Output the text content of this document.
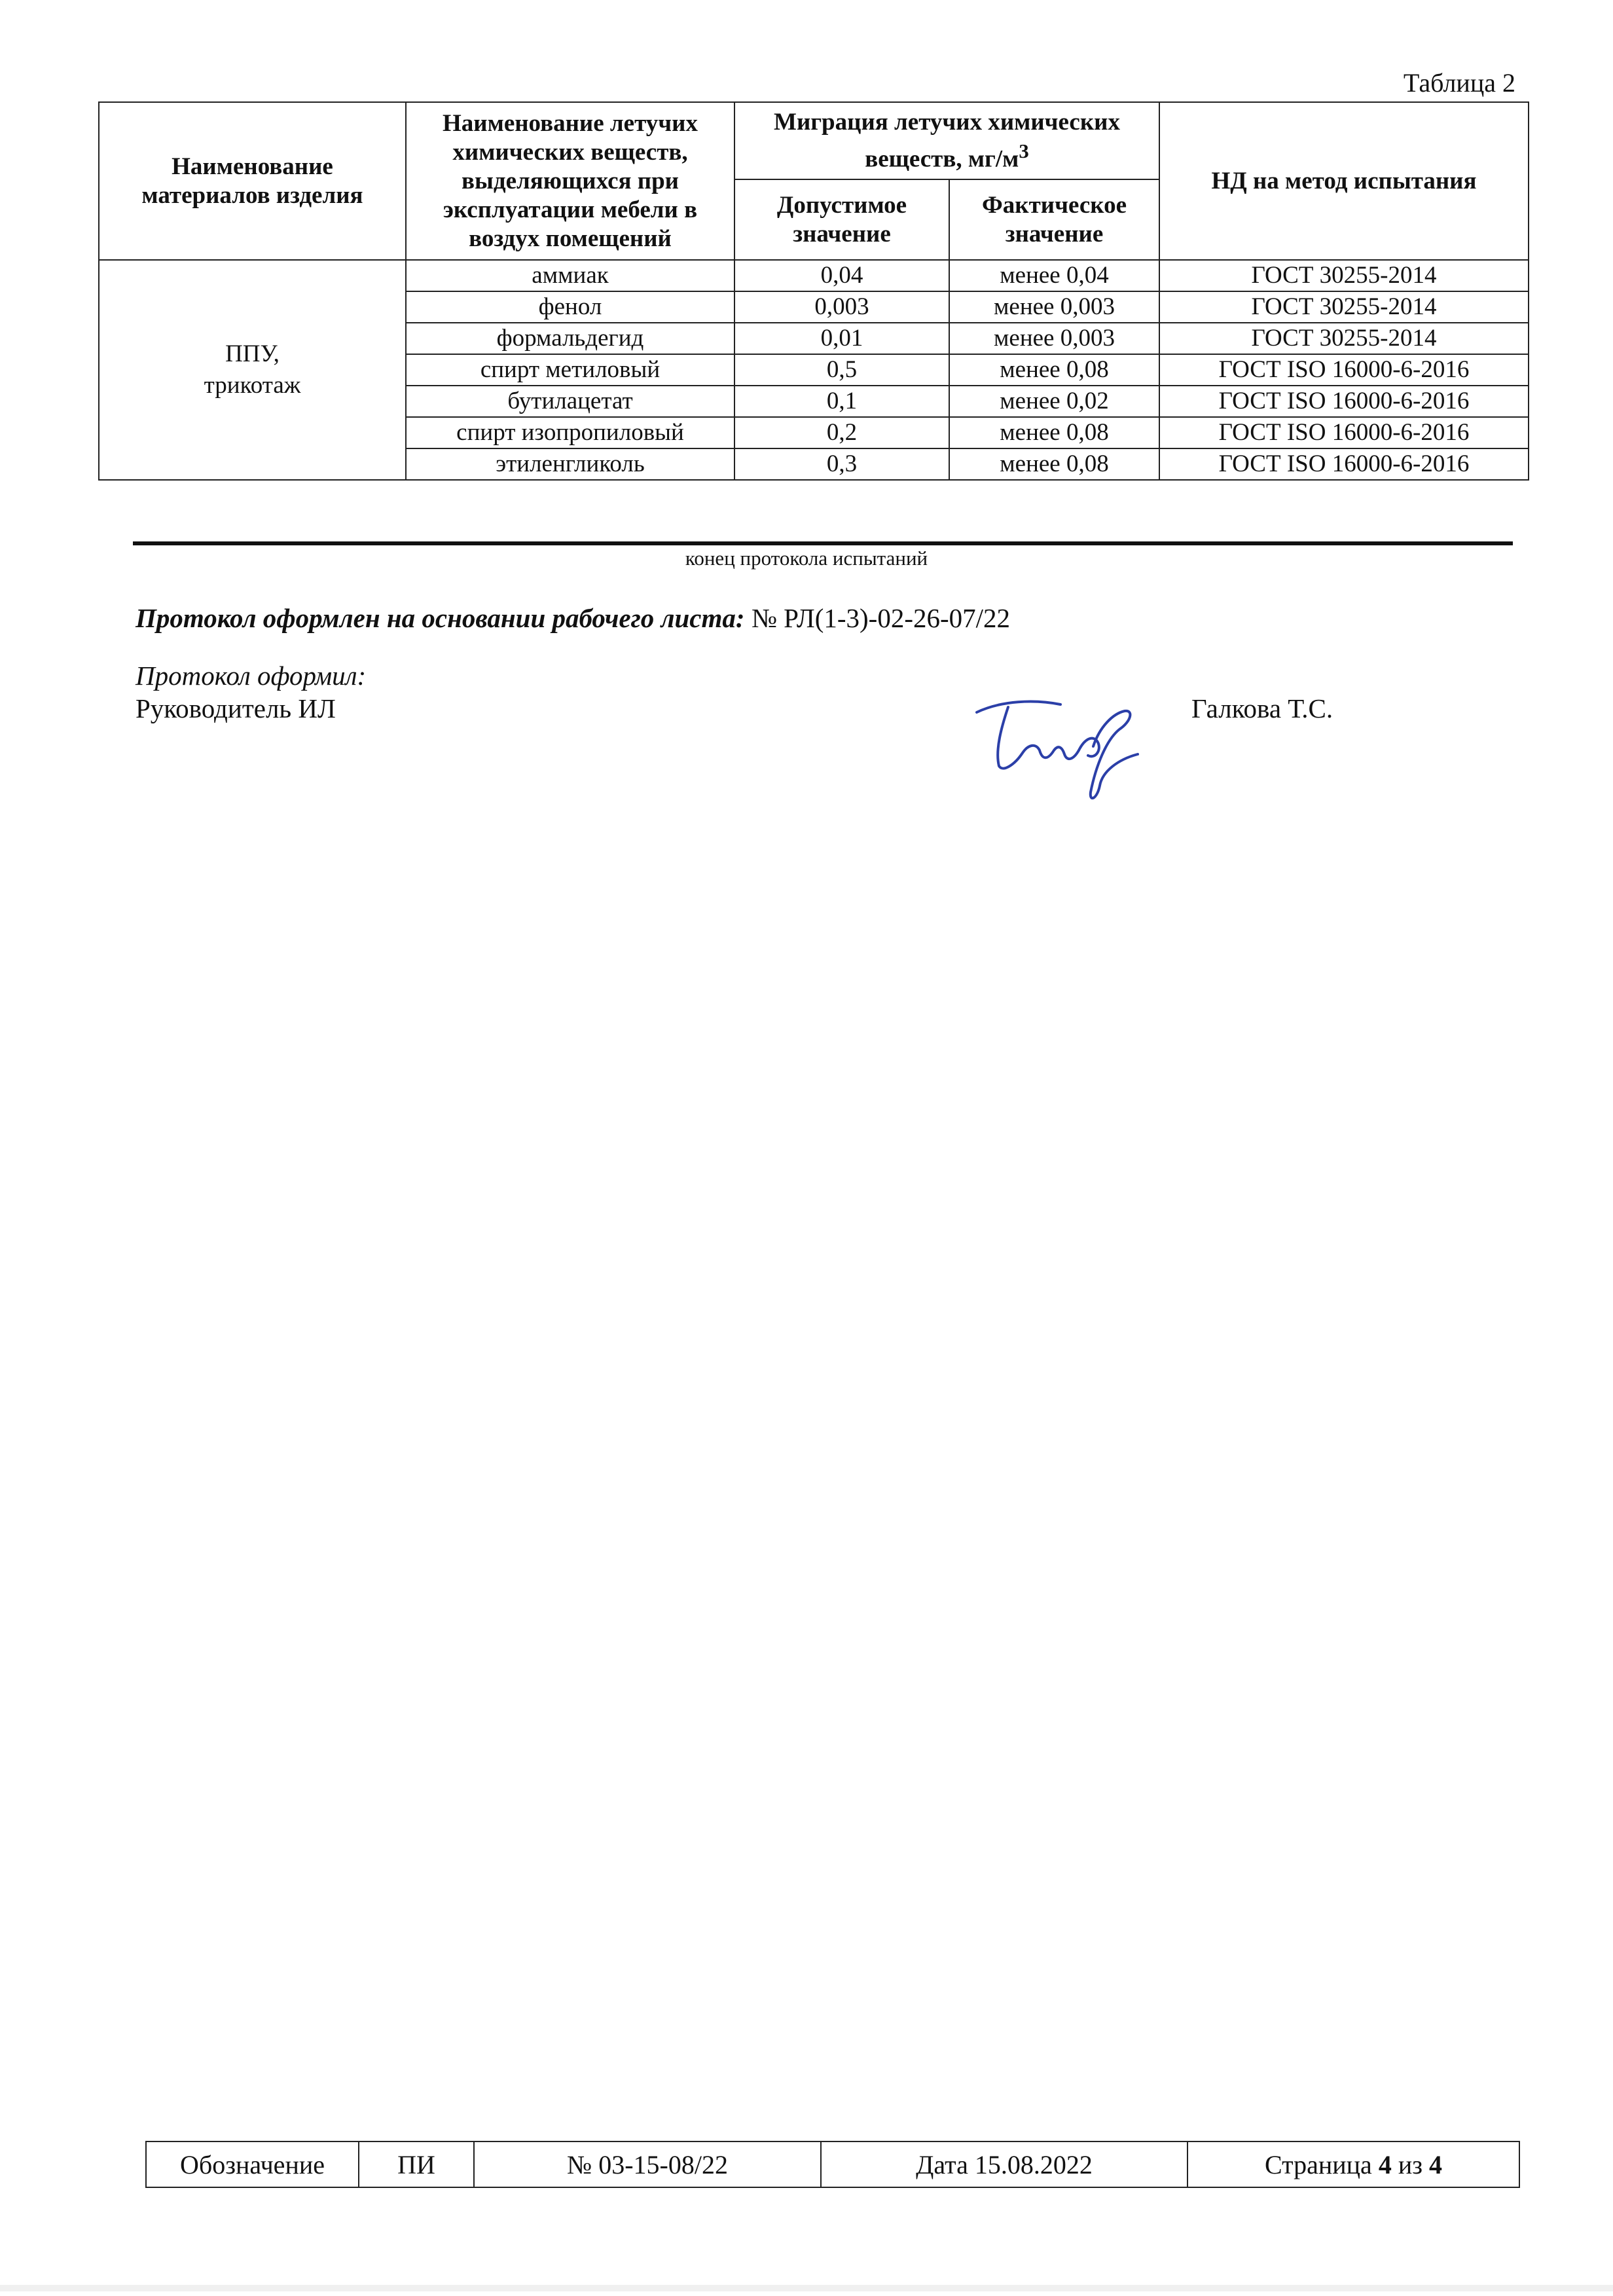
Таблица 2
Наименование материалов изделия	Наименование летучих химических веществ, выделяющихся при эксплуатации мебели в воздух помещений	Миграция летучих химических веществ, $мг/м^3$		НД на метод испытания
		Допустимое значение	Фактическое значение	

ППУ,
трикотаж	аммиак	0,04	менее 0,04	ГОСТ 30255-2014
	фенол	0,003	менее 0,003	ГОСТ 30255-2014
	формальдегид	0,01	менее 0,003	ГОСТ 30255-2014
	спирт метиловый	0,5	менее 0,08	ГОСТ ISO 16000-6-2016
	бутилацетат	0,1	менее 0,02	ГОСТ ISO 16000-6-2016
	спирт изопропиловый	0,2	менее 0,08	ГОСТ ISO 16000-6-2016
	этиленгликоль	0,3	менее 0,08	ГОСТ ISO 16000-6-2016
конец протокола испытаний
Протокол оформлен на основании рабочего листа: № РЛ(1-3)-02-26-07/22
Протокол оформил:
Руководитель ИЛ	Галкова Т.С.
Обозначение	ПИ	№ 03-15-08/22	Дата 15.08.2022	Страница 4 из 4
